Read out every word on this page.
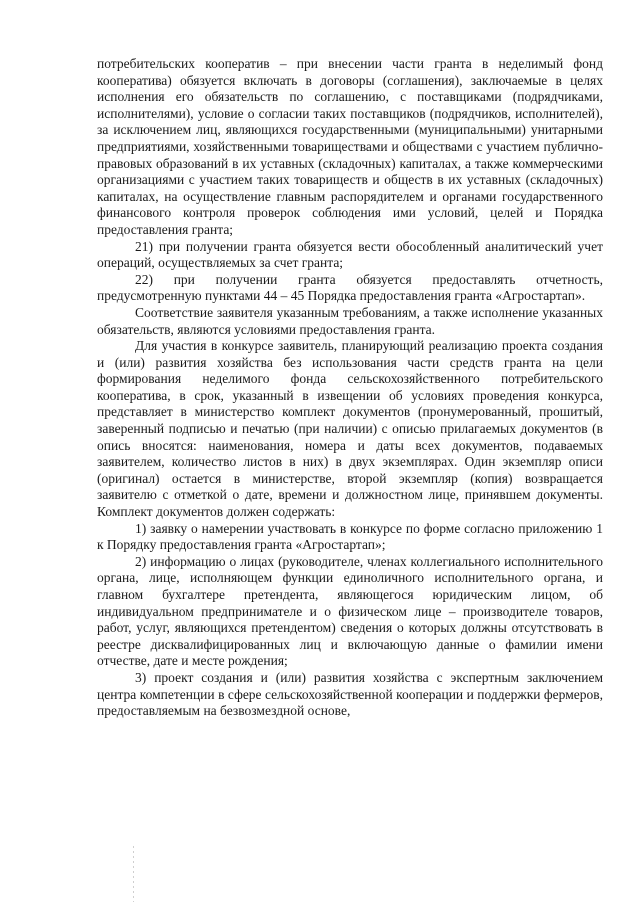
потребительских кооператив – при внесении части гранта в неделимый фонд кооператива) обязуется включать в договоры (соглашения), заключаемые в целях исполнения его обязательств по соглашению, с поставщиками (подрядчиками, исполнителями), условие о согласии таких поставщиков (подрядчиков, исполнителей), за исключением лиц, являющихся государственными (муниципальными) унитарными предприятиями, хозяйственными товариществами и обществами с участием публично-правовых образований в их уставных (складочных) капиталах, а также коммерческими организациями с участием таких товариществ и обществ в их уставных (складочных) капиталах, на осуществление главным распорядителем и органами государственного финансового контроля проверок соблюдения ими условий, целей и Порядка предоставления гранта;

21) при получении гранта обязуется вести обособленный аналитический учет операций, осуществляемых за счет гранта;

22) при получении гранта обязуется предоставлять отчетность, предусмотренную пунктами 44 – 45 Порядка предоставления гранта «Агростартап».

Соответствие заявителя указанным требованиям, а также исполнение указанных обязательств, являются условиями предоставления гранта.

Для участия в конкурсе заявитель, планирующий реализацию проекта создания и (или) развития хозяйства без использования части средств гранта на цели формирования неделимого фонда сельскохозяйственного потребительского кооператива, в срок, указанный в извещении об условиях проведения конкурса, представляет в министерство комплект документов (пронумерованный, прошитый, заверенный подписью и печатью (при наличии) с описью прилагаемых документов (в опись вносятся: наименования, номера и даты всех документов, подаваемых заявителем, количество листов в них) в двух экземплярах. Один экземпляр описи (оригинал) остается в министерстве, второй экземпляр (копия) возвращается заявителю с отметкой о дате, времени и должностном лице, принявшем документы. Комплект документов должен содержать:

1) заявку о намерении участвовать в конкурсе по форме согласно приложению 1 к Порядку предоставления гранта «Агростартап»;

2) информацию о лицах (руководителе, членах коллегиального исполнительного органа, лице, исполняющем функции единоличного исполнительного органа, и главном бухгалтере претендента, являющегося юридическим лицом, об индивидуальном предпринимателе и о физическом лице – производителе товаров, работ, услуг, являющихся претендентом) сведения о которых должны отсутствовать в реестре дисквалифицированных лиц и включающую данные о фамилии имени отчестве, дате и месте рождения;

3) проект создания и (или) развития хозяйства с экспертным заключением центра компетенции в сфере сельскохозяйственной кооперации и поддержки фермеров, предоставляемым на безвозмездной основе,
